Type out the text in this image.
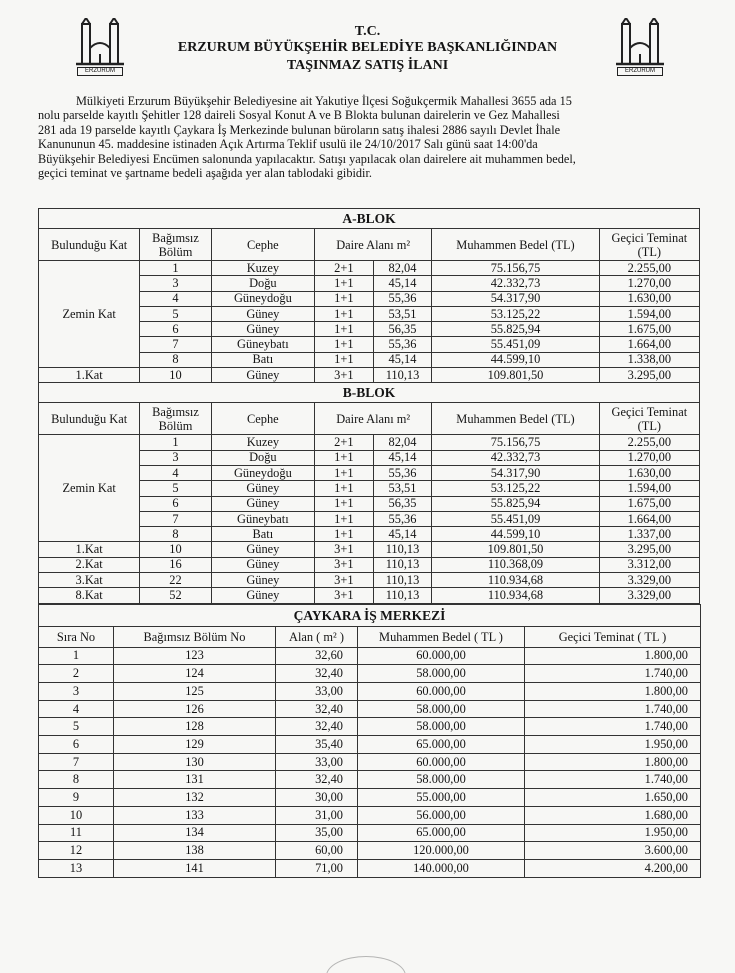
ERZURUM
T.C.
ERZURUM BÜYÜKŞEHİR BELEDİYE BAŞKANLIĞINDAN
TAŞINMAZ SATIŞ İLANI	ERZURUM

Mülkiyeti Erzurum Büyükşehir Belediyesine ait Yakutiye İlçesi Soğukçermik Mahallesi 3655 ada 15

nolu parselde kayıtlı Şehitler 128 daireli Sosyal Konut A ve B Blokta bulunan dairelerin ve Gez Mahallesi

281 ada 19 parselde kayıtlı Çaykara İş Merkezinde bulunan büroların satış ihalesi 2886 sayılı Devlet İhale

Kanununun 45. maddesine istinaden Açık Artırma Teklif usulü ile 24/10/2017 Salı günü saat 14:00'da

Büyükşehir Belediyesi Encümen salonunda yapılacaktır. Satışı yapılacak olan dairelere ait muhammen bedel,

geçici teminat ve şartname bedeli aşağıda yer alan tablodaki gibidir.

A-BLOK						
Bulunduğu Kat	Bağımsız Bölüm	Cephe	Daire Alanı m²		Muhammen Bedel (TL)	Geçici Teminat (TL)
Zemin Kat	1	Kuzey	2+1	82,04	75.156,75	2.255,00
	3	Doğu	1+1	45,14	42.332,73	1.270,00
	4	Güneydoğu	1+1	55,36	54.317,90	1.630,00
	5	Güney	1+1	53,51	53.125,22	1.594,00
	6	Güney	1+1	56,35	55.825,94	1.675,00
	7	Güneybatı	1+1	55,36	55.451,09	1.664,00
	8	Batı	1+1	45,14	44.599,10	1.338,00
1.Kat	10	Güney	3+1	110,13	109.801,50	3.295,00
B-BLOK						
Bulunduğu Kat	Bağımsız Bölüm	Cephe	Daire Alanı m²		Muhammen Bedel (TL)	Geçici Teminat (TL)
Zemin Kat	1	Kuzey	2+1	82,04	75.156,75	2.255,00
	3	Doğu	1+1	45,14	42.332,73	1.270,00
	4	Güneydoğu	1+1	55,36	54.317,90	1.630,00
	5	Güney	1+1	53,51	53.125,22	1.594,00
	6	Güney	1+1	56,35	55.825,94	1.675,00
	7	Güneybatı	1+1	55,36	55.451,09	1.664,00
	8	Batı	1+1	45,14	44.599,10	1.337,00
1.Kat	10	Güney	3+1	110,13	109.801,50	3.295,00
2.Kat	16	Güney	3+1	110,13	110.368,09	3.312,00
3.Kat	22	Güney	3+1	110,13	110.934,68	3.329,00
8.Kat	52	Güney	3+1	110,13	110.934,68	3.329,00
ÇAYKARA İŞ MERKEZİ				
Sıra No	Bağımsız Bölüm No	Alan ( m² )	Muhammen Bedel ( TL )	Geçici Teminat ( TL )
1	123	32,60	60.000,00	1.800,00
2	124	32,40	58.000,00	1.740,00
3	125	33,00	60.000,00	1.800,00
4	126	32,40	58.000,00	1.740,00
5	128	32,40	58.000,00	1.740,00
6	129	35,40	65.000,00	1.950,00
7	130	33,00	60.000,00	1.800,00
8	131	32,40	58.000,00	1.740,00
9	132	30,00	55.000,00	1.650,00
10	133	31,00	56.000,00	1.680,00
11	134	35,00	65.000,00	1.950,00
12	138	60,00	120.000,00	3.600,00
13	141	71,00	140.000,00	4.200,00
